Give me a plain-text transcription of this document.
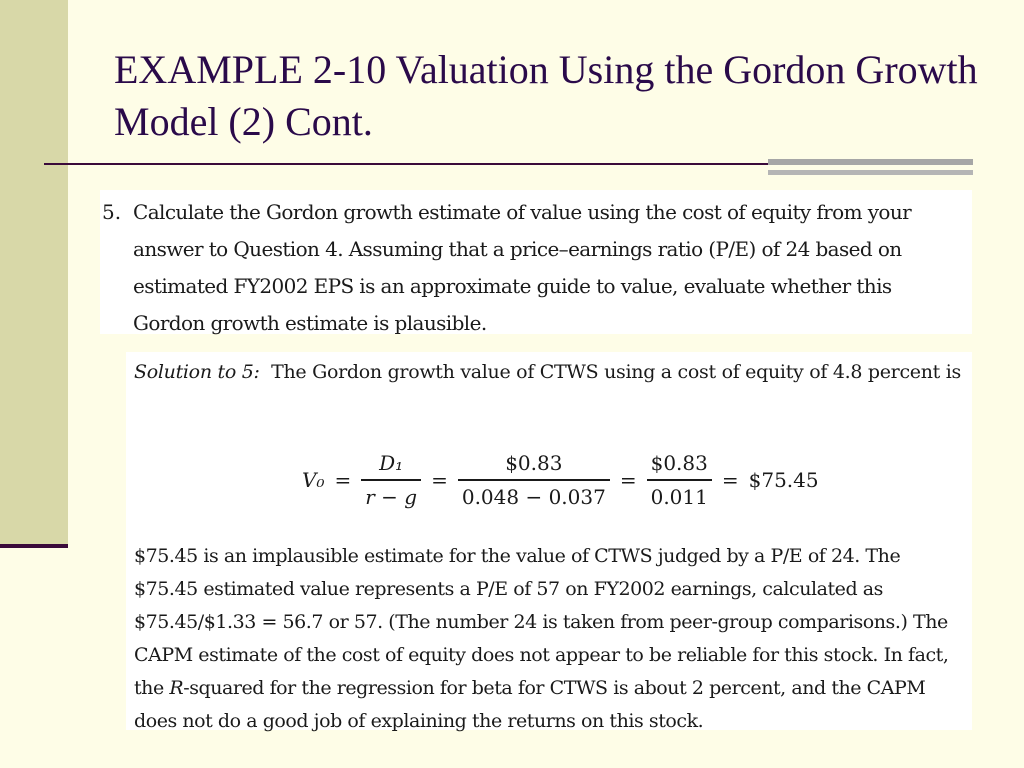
EXAMPLE 2-10 Valuation Using the Gordon Growth Model (2) Cont.
5. Calculate the Gordon growth estimate of value using the cost of equity from your answer to Question 4. Assuming that a price–earnings ratio (P/E) of 24 based on estimated FY2002 EPS is an approximate guide to value, evaluate whether this Gordon growth estimate is plausible.
Solution to 5: The Gordon growth value of CTWS using a cost of equity of 4.8 percent is
$V_0 = \frac{\text{D₁}}{r - g} = \frac{\$0.83}{0.048 - 0.037} = \frac{\$0.83}{0.011}$ = $75.45
$75.45 is an implausible estimate for the value of CTWS judged by a P/E of 24. The $75.45 estimated value represents a P/E of 57 on FY2002 earnings, calculated as $75.45/$1.33 = 56.7 or 57. (The number 24 is taken from peer-group comparisons.) The CAPM estimate of the cost of equity does not appear to be reliable for this stock. In fact, the R-squared for the regression for beta for CTWS is about 2 percent, and the CAPM does not do a good job of explaining the returns on this stock.
